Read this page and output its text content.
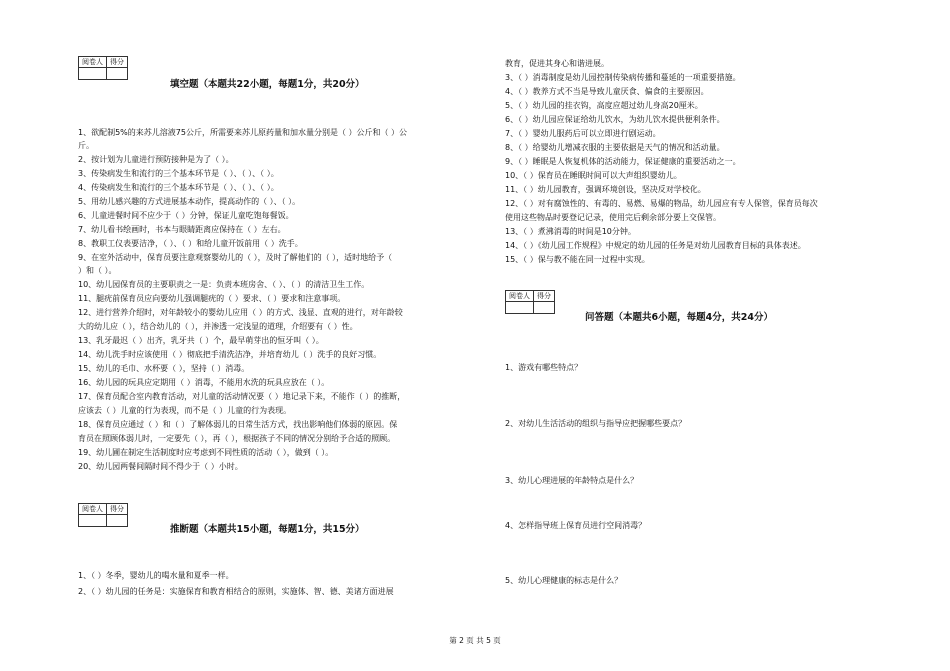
阅卷人	得分

填空题（本题共22小题，每题1分，共20分）
1、欲配制5%的来苏儿溶液75公斤，所需要来苏儿原药量和加水量分别是（ ）公斤和（ ）公
斤。
2、按计划为儿童进行预防接种是为了（ ）。
3、传染病发生和流行的三个基本环节是（ ）、（ ）、（ ）。
4、传染病发生和流行的三个基本环节是（ ）、（ ）、（ ）。
5、用幼儿感兴趣的方式进展基本动作，提高动作的（ ）、（ ）。
6、儿童进餐时间不应少于（ ）分钟，保证儿童吃饱每餐饭。
7、幼儿看书绘画时，书本与眼睛距离应保持在（ ）左右。
8、教职工仪表要洁净，（ ）、（ ）和给儿童开饭前用（ ）洗手。
9、在室外活动中，保育员要注意观察婴幼儿的（ ），及时了解他们的（ ），适时地给予（
）和（ ）。
10、幼儿园保育员的主要职责之一是：负责本班房舍、（ ）、（ ）的清洁卫生工作。
11、腿疣前保育员应向要幼儿强调腿疣的（ ）要求、（ ）要求和注意事项。
12、进行营养介绍时，对年龄较小的婴幼儿应用（ ）的方式、浅显、直观的进行，对年龄较
大的幼儿应（ ），结合幼儿的（ ），并渗透一定浅显的道理，介绍要有（ ）性。
13、乳牙最迟（ ）出齐，乳牙共（ ）个，最早萌芽出的恒牙叫（ ）。
14、幼儿洗手时应该使用（ ）彻底把手清洗洁净，并培育幼儿（ ）洗手的良好习惯。
15、幼儿的毛巾、水杯要（ ），坚持（ ）消毒。
16、幼儿园的玩具应定期用（ ）消毒，不能用水洗的玩具应放在（ ）。
17、保育员配合室内教育活动，对儿童的活动情况要（ ）地记录下来，不能作（ ）的推断，
应该去（ ）儿童的行为表现，而不是（ ）儿童的行为表现。
18、保育员应通过（ ）和（ ）了解体弱儿的日常生活方式，找出影响他们体弱的原因。保
育员在照顾体弱儿时，一定要先（ ），再（ ），根据孩子不同的情况分别给予合适的照顾。
19、幼儿圃在制定生活制度时应考虑到不同性质的活动（ ），做到（ ）。
20、幼儿园两餐间隔时间不得少于（ ）小时。
阅卷人	得分

推断题（本题共15小题，每题1分，共15分）
1、（ ）冬季，婴幼儿的喝水量和夏季一样。
2、（ ）幼儿园的任务是：实施保育和教育相结合的原则，实施体、智、德、美诸方面进展
教育，促进其身心和谐进展。
3、（ ）消毒制度是幼儿园控制传染病传播和蔓延的一项重要措施。
4、（ ）教养方式不当是导致儿童厌食、偏食的主要原因。
5、（ ）幼儿园的挂衣钩，高度应超过幼儿身高20厘米。
6、（ ）幼儿园应保证给幼儿饮水，为幼儿饮水提供便利条件。
7、（ ）婴幼儿服药后可以立即进行剧运动。
8、（ ）给婴幼儿增减衣服的主要依据是天气的情况和活动量。
9、（ ）睡眠是人恢复机体的活动能力，保证健康的重要活动之一。
10、（ ）保育员在睡眠时间可以大声组织婴幼儿。
11、（ ）幼儿园教育，强调环境创设，坚决反对学校化。
12、（ ）对有腐蚀性的、有毒的、易燃、易爆的物品，幼儿园应有专人保管，保育员每次
使用这些物品时要登记记录，使用完后剩余部分要上交保管。
13、（ ）煮沸消毒的时间是10分钟。
14、（ ）《幼儿园工作规程》中规定的幼儿园的任务是对幼儿园教育目标的具体表述。
15、（ ）保与教不能在同一过程中实现。
阅卷人	得分

问答题（本题共6小题，每题4分，共24分）
1、游戏有哪些特点？
2、对幼儿生活活动的组织与指导应把握哪些要点？
3、幼儿心理进展的年龄特点是什么？
4、怎样指导班上保育员进行空间消毒？
5、幼儿心理健康的标志是什么？
第 2 页 共 5 页
